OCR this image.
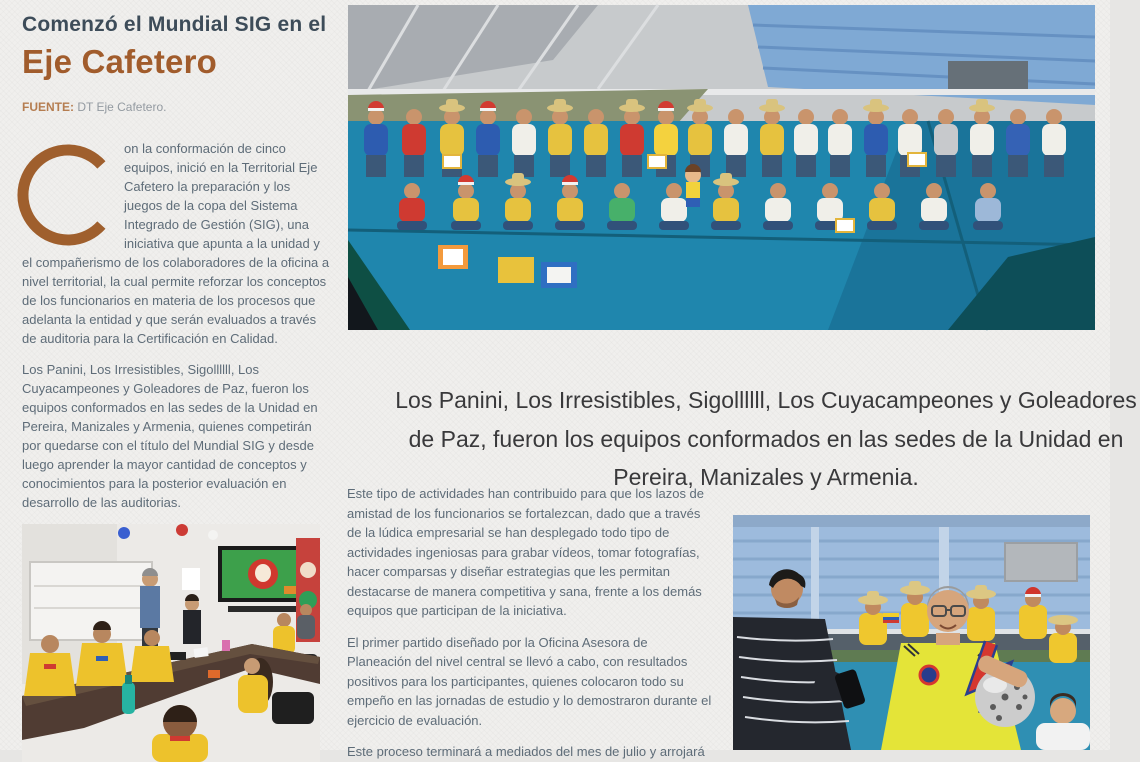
Comenzó el Mundial SIG en el
Eje Cafetero

FUENTE: DT Eje Cafetero.

on la conformación de cinco equipos, inició en la Territorial Eje Cafetero la preparación y los juegos de la copa del Sistema Integrado de Gestión (SIG), una iniciativa que apunta a la unidad y el compañerismo de los colaboradores de la oficina a nivel territorial, la cual permite reforzar los conceptos de los funcionarios en materia de los procesos que adelanta la entidad y que serán evaluados a través de auditoria para la Certificación en Calidad.

Los Panini, Los Irresistibles, Sigollllll, Los Cuyacampeones y Goleadores de Paz, fueron los equipos conformados en las sedes de la Unidad en Pereira, Manizales y Armenia, quienes competirán por quedarse con el título del Mundial SIG y desde luego aprender la mayor cantidad de conceptos y conocimientos para la posterior evaluación en desarrollo de las auditorias.

Los Panini, Los Irresistibles, Sigollllll, Los Cuyacampeones y Goleadores de Paz, fueron los equipos conformados en las sedes de la Unidad en Pereira, Manizales y Armenia.

Este tipo de actividades han contribuido para que los lazos de amistad de los funcionarios se fortalezcan, dado que a través de la lúdica empresarial se han desplegado todo tipo de actividades ingeniosas para grabar vídeos, tomar fotografías, hacer comparsas y diseñar estrategias que les permitan destacarse de manera competitiva y sana, frente a los demás equipos que participan de la iniciativa.

El primer partido diseñado por la Oficina Asesora de Planeación del nivel central se llevó a cabo, con resultados positivos para los participantes, quienes colocaron todo su empeño en las jornadas de estudio y lo demostraron durante el ejercicio de evaluación.

Este proceso terminará a mediados del mes de julio y arrojará
